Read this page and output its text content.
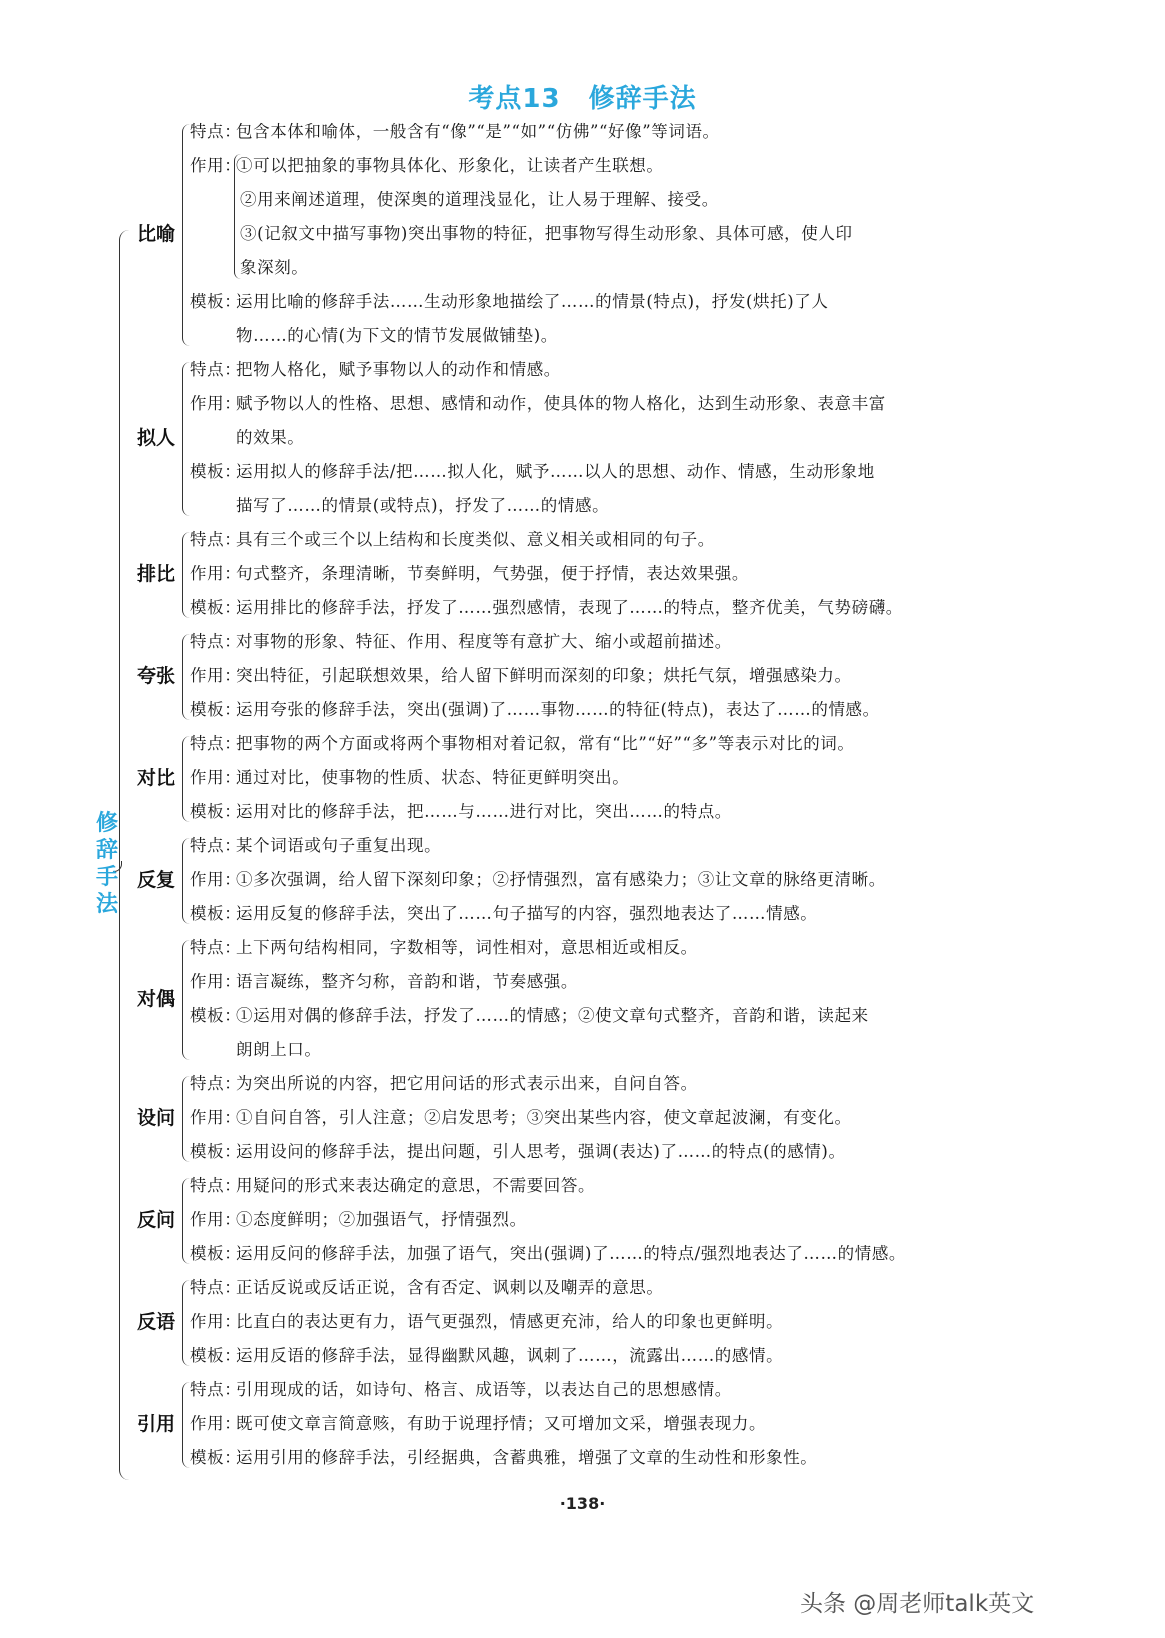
考点13 修辞手法
修
辞
手
法
比喻
特点：包含本体和喻体，一般含有“像”“是”“如”“仿佛”“好像”等词语。
作用：①可以把抽象的事物具体化、形象化，让读者产生联想。
②用来阐述道理，使深奥的道理浅显化，让人易于理解、接受。
③(记叙文中描写事物)突出事物的特征，把事物写得生动形象、具体可感，使人印
象深刻。
模板：运用比喻的修辞手法……生动形象地描绘了……的情景(特点)，抒发(烘托)了人
物……的心情(为下文的情节发展做铺垫)。
拟人
特点：把物人格化，赋予事物以人的动作和情感。
作用：赋予物以人的性格、思想、感情和动作，使具体的物人格化，达到生动形象、表意丰富
的效果。
模板：运用拟人的修辞手法/把……拟人化，赋予……以人的思想、动作、情感，生动形象地
描写了……的情景(或特点)，抒发了……的情感。
排比
特点：具有三个或三个以上结构和长度类似、意义相关或相同的句子。
作用：句式整齐，条理清晰，节奏鲜明，气势强，便于抒情，表达效果强。
模板：运用排比的修辞手法，抒发了……强烈感情，表现了……的特点，整齐优美，气势磅礴。
夸张
特点：对事物的形象、特征、作用、程度等有意扩大、缩小或超前描述。
作用：突出特征，引起联想效果，给人留下鲜明而深刻的印象；烘托气氛，增强感染力。
模板：运用夸张的修辞手法，突出(强调)了……事物……的特征(特点)，表达了……的情感。
对比
特点：把事物的两个方面或将两个事物相对着记叙，常有“比”“好”“多”等表示对比的词。
作用：通过对比，使事物的性质、状态、特征更鲜明突出。
模板：运用对比的修辞手法，把……与……进行对比，突出……的特点。
反复
特点：某个词语或句子重复出现。
作用：①多次强调，给人留下深刻印象；②抒情强烈，富有感染力；③让文章的脉络更清晰。
模板：运用反复的修辞手法，突出了……句子描写的内容，强烈地表达了……情感。
对偶
特点：上下两句结构相同，字数相等，词性相对，意思相近或相反。
作用：语言凝练，整齐匀称，音韵和谐，节奏感强。
模板：①运用对偶的修辞手法，抒发了……的情感；②使文章句式整齐，音韵和谐，读起来
朗朗上口。
设问
特点：为突出所说的内容，把它用问话的形式表示出来，自问自答。
作用：①自问自答，引人注意；②启发思考；③突出某些内容，使文章起波澜，有变化。
模板：运用设问的修辞手法，提出问题，引人思考，强调(表达)了……的特点(的感情)。
反问
特点：用疑问的形式来表达确定的意思，不需要回答。
作用：①态度鲜明；②加强语气，抒情强烈。
模板：运用反问的修辞手法，加强了语气，突出(强调)了……的特点/强烈地表达了……的情感。
反语
特点：正话反说或反话正说，含有否定、讽刺以及嘲弄的意思。
作用：比直白的表达更有力，语气更强烈，情感更充沛，给人的印象也更鲜明。
模板：运用反语的修辞手法，显得幽默风趣，讽刺了……，流露出……的感情。
引用
特点：引用现成的话，如诗句、格言、成语等，以表达自己的思想感情。
作用：既可使文章言简意赅，有助于说理抒情；又可增加文采，增强表现力。
模板：运用引用的修辞手法，引经据典，含蓄典雅，增强了文章的生动性和形象性。
·138·
头条 @周老师talk英文
